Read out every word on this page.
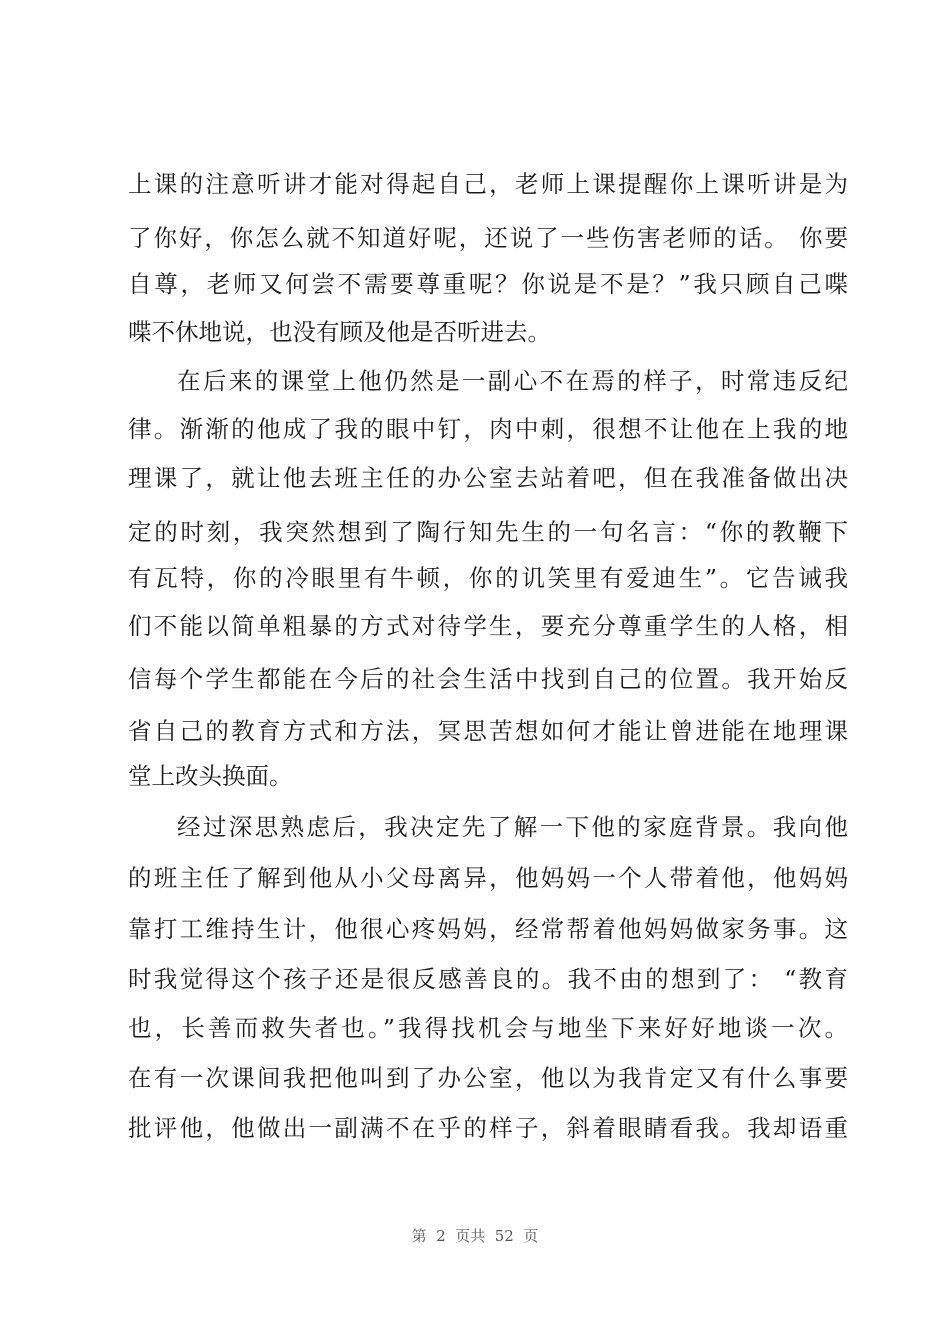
上课的注意听讲才能对得起自己，老师上课提醒你上课听讲是为
了你好，你怎么就不知道好呢，还说了一些伤害老师的话。 你要
自尊，老师又何尝不需要尊重呢？你说是不是？”我只顾自己喋
喋不休地说，也没有顾及他是否听进去。
在后来的课堂上他仍然是一副心不在焉的样子，时常违反纪
律。渐渐的他成了我的眼中钉，肉中刺，很想不让他在上我的地
理课了，就让他去班主任的办公室去站着吧，但在我准备做出决
定的时刻，我突然想到了陶行知先生的一句名言：“你的教鞭下
有瓦特，你的冷眼里有牛顿，你的讥笑里有爱迪生”。它告诫我
们不能以简单粗暴的方式对待学生，要充分尊重学生的人格，相
信每个学生都能在今后的社会生活中找到自己的位置。我开始反
省自己的教育方式和方法，冥思苦想如何才能让曾进能在地理课
堂上改头换面。
经过深思熟虑后，我决定先了解一下他的家庭背景。我向他
的班主任了解到他从小父母离异，他妈妈一个人带着他，他妈妈
靠打工维持生计，他很心疼妈妈，经常帮着他妈妈做家务事。这
时我觉得这个孩子还是很反感善良的。我不由的想到了： “教育
也，长善而救失者也。”我得找机会与地坐下来好好地谈一次。
在有一次课间我把他叫到了办公室，他以为我肯定又有什么事要
批评他，他做出一副满不在乎的样子，斜着眼睛看我。我却语重
第  2  页共  52  页
